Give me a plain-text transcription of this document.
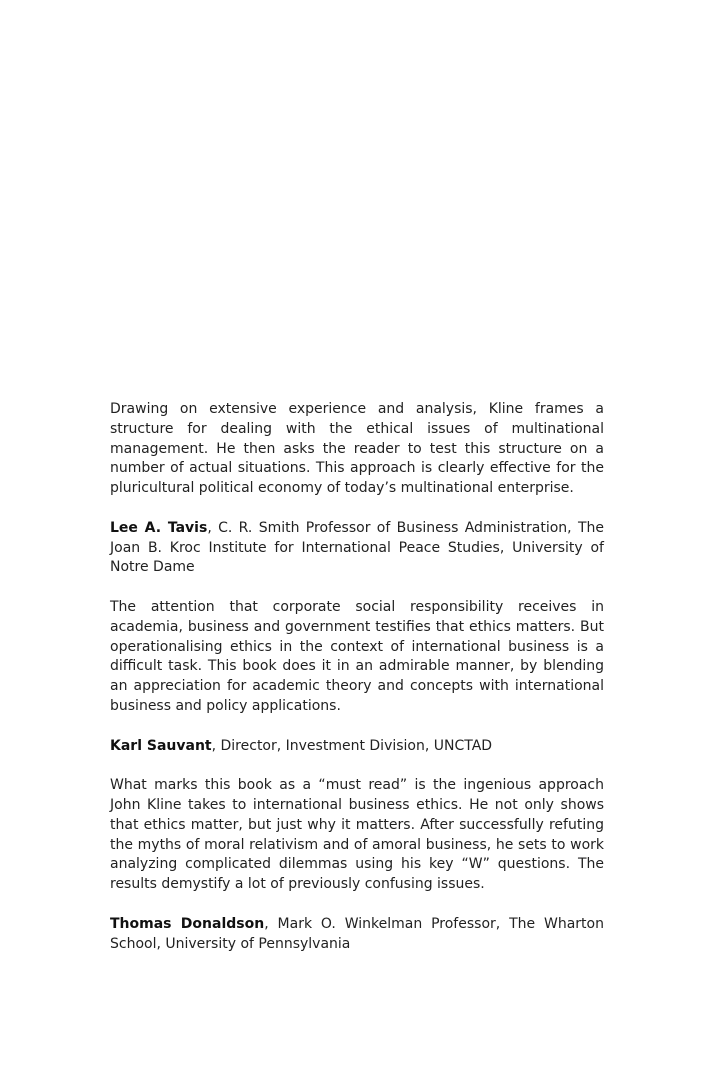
Drawing on extensive experience and analysis, Kline frames a structure for dealing with the ethical issues of multinational management. He then asks the reader to test this structure on a number of actual situations. This approach is clearly effective for the pluricultural political economy of today’s multinational enterprise.

Lee A. Tavis, C. R. Smith Professor of Business Administration, The Joan B. Kroc Institute for International Peace Studies, University of Notre Dame

The attention that corporate social responsibility receives in academia, business and government testifies that ethics matters. But operationalising ethics in the context of international business is a difficult task. This book does it in an admirable manner, by blending an appreciation for academic theory and concepts with international business and policy applications.

Karl Sauvant, Director, Investment Division, UNCTAD

What marks this book as a “must read” is the ingenious approach John Kline takes to international business ethics. He not only shows that ethics matter, but just why it matters. After successfully refuting the myths of moral relativism and of amoral business, he sets to work analyzing complicated dilemmas using his key “W” questions. The results demystify a lot of previously confusing issues.

Thomas Donaldson, Mark O. Winkelman Professor, The Wharton School, University of Pennsylvania
